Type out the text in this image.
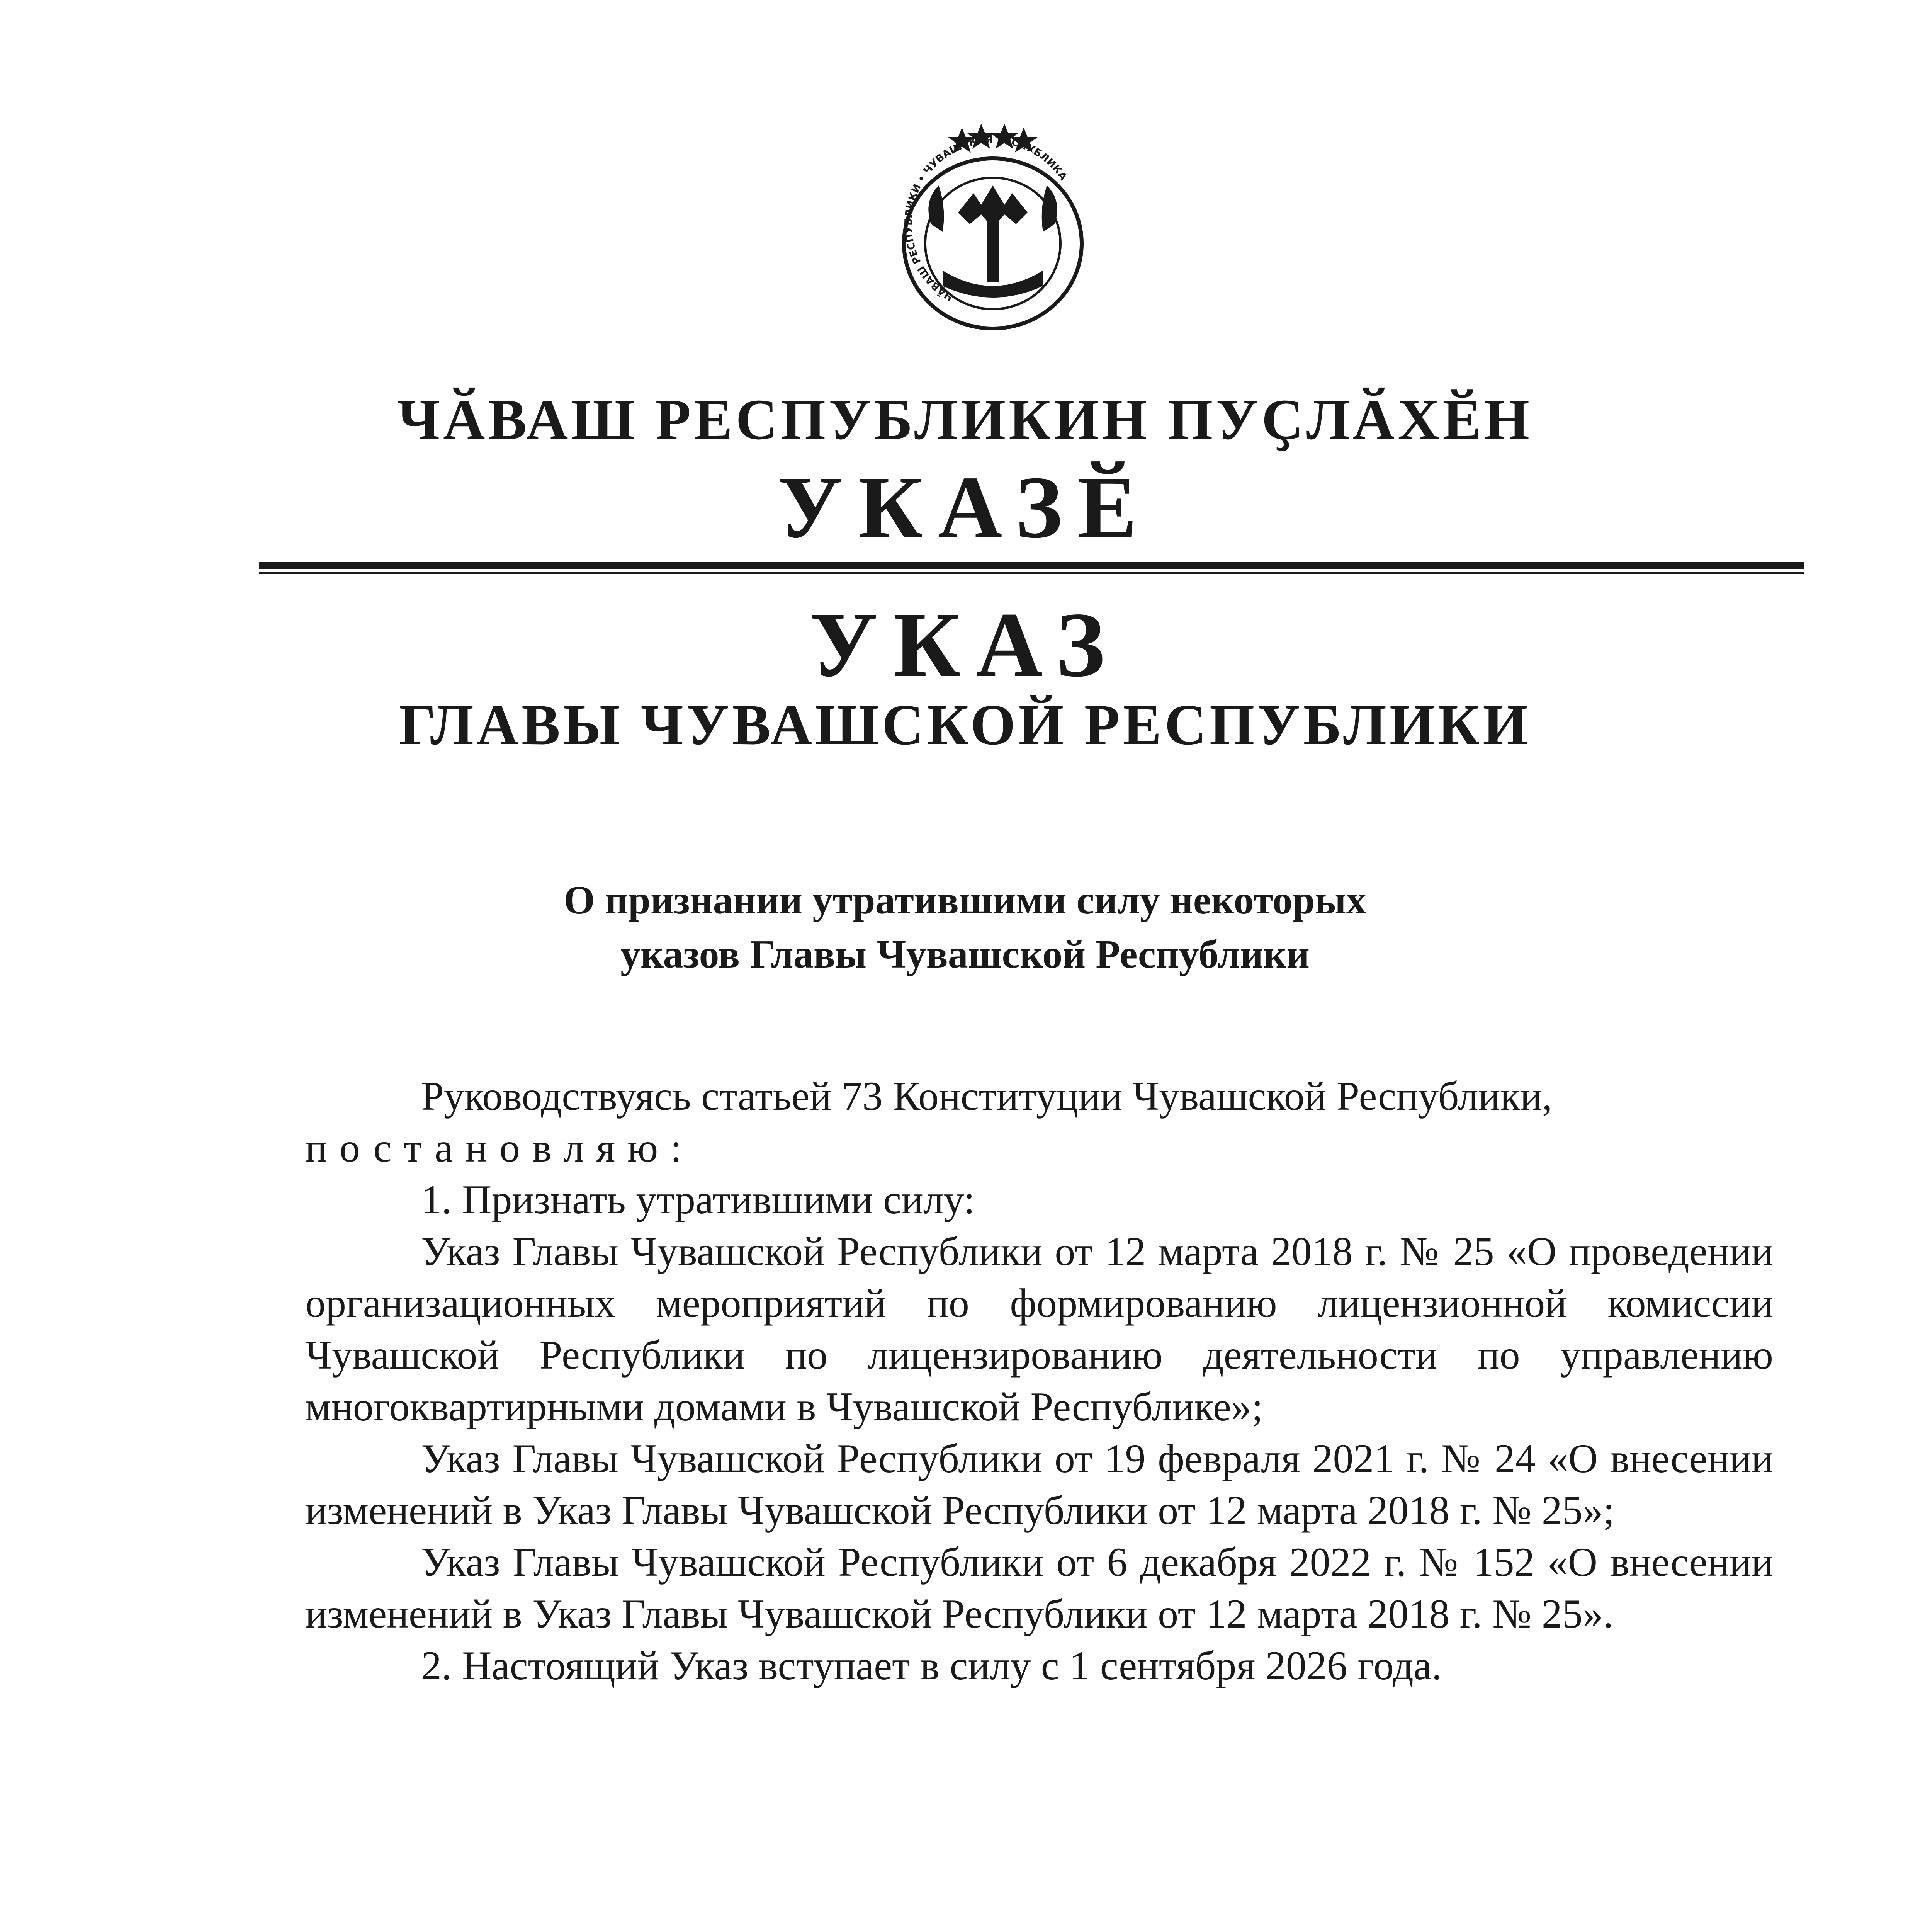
ЧĂВАШ РЕСПУБЛИКИ • ЧУВАШСКАЯ РЕСПУБЛИКА
ЧӐВАШ РЕСПУБЛИКИН ПУҪЛӐХӖН
УКАЗӖ
УКАЗ
ГЛАВЫ ЧУВАШСКОЙ РЕСПУБЛИКИ
О признании утратившими силу некоторых
указов Главы Чувашской Республики

Руководствуясь статьей 73 Конституции Чувашской Республики,

постановляю:

1. Признать утратившими силу:

Указ Главы Чувашской Республики от 12 марта 2018 г. № 25 «О проведении организационных мероприятий по формированию лицензионной комиссии Чувашской Республики по лицензированию деятельности по управлению многоквартирными домами в Чувашской Республике»;

Указ Главы Чувашской Республики от 19 февраля 2021 г. № 24 «О внесении изменений в Указ Главы Чувашской Республики от 12 марта 2018 г. № 25»;

Указ Главы Чувашской Республики от 6 декабря 2022 г. № 152 «О внесении изменений в Указ Главы Чувашской Республики от 12 марта 2018 г. № 25».

2. Настоящий Указ вступает в силу с 1 сентября 2026 года.
